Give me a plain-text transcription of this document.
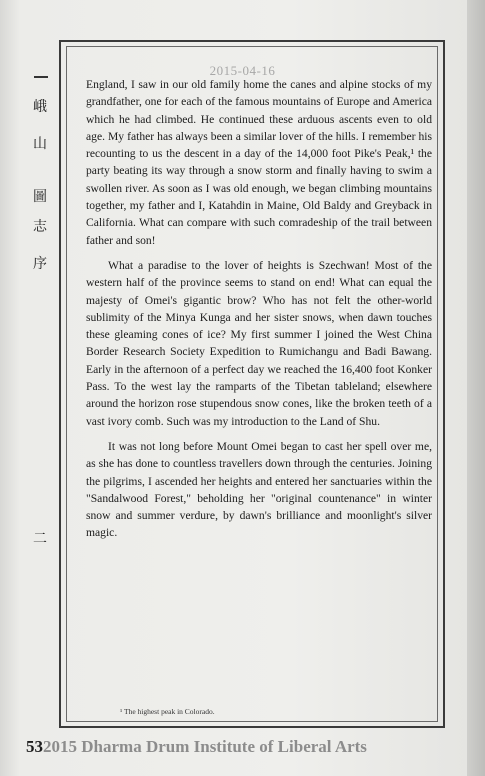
峨
山
圖
志
序
二
2015-04-16

England, I saw in our old family home the canes and alpine stocks of my grandfather, one for each of the famous mountains of Europe and America which he had climbed. He continued these arduous ascents even to old age. My father has always been a similar lover of the hills. I remember his recounting to us the descent in a day of the 14,000 foot Pike's Peak,¹ the party beating its way through a snow storm and finally having to swim a swollen river. As soon as I was old enough, we began climbing mountains together, my father and I, Katahdin in Maine, Old Baldy and Greyback in California. What can compare with such comradeship of the trail between father and son!

What a paradise to the lover of heights is Szechwan! Most of the western half of the province seems to stand on end! What can equal the majesty of Omei's gigantic brow? Who has not felt the other-world sublimity of the Minya Kunga and her sister snows, when dawn touches these gleaming cones of ice? My first summer I joined the West China Border Research Society Expedition to Rumichangu and Badi Bawang. Early in the afternoon of a perfect day we reached the 16,400 foot Konker Pass. To the west lay the ramparts of the Tibetan tableland; elsewhere around the horizon rose stupendous snow cones, like the broken teeth of a vast ivory comb. Such was my introduction to the Land of Shu.

It was not long before Mount Omei began to cast her spell over me, as she has done to countless travellers down through the centuries. Joining the pilgrims, I ascended her heights and entered her sanctuaries within the "Sandalwood Forest," beholding her "original countenance" in winter snow and summer verdure, by dawn's brilliance and moonlight's silver magic.

¹ The highest peak in Colorado.
532015 Dharma Drum Institute of Liberal Arts
